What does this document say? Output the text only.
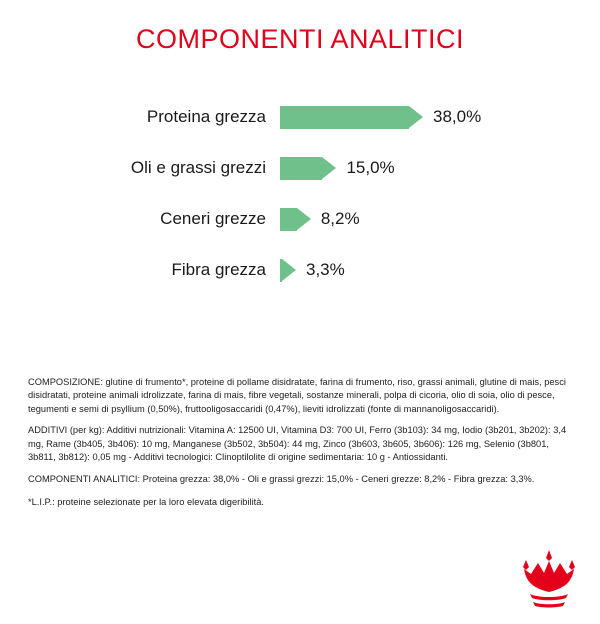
COMPONENTI ANALITICI
Proteina grezza	38,0%
Oli e grassi grezzi	15,0%
Ceneri grezze	8,2%
Fibra grezza	3,3%

COMPOSIZIONE: glutine di frumento*, proteine di pollame disidratate, farina di frumento, riso, grassi animali, glutine di mais, pesci disidratati, proteine animali idrolizzate, farina di mais, fibre vegetali, sostanze minerali, polpa di cicoria, olio di soia, olio di pesce, tegumenti e semi di psyllium (0,50%), fruttooligosaccaridi (0,47%), lieviti idrolizzati (fonte di mannanoligosaccaridi).

ADDITIVI (per kg): Additivi nutrizionali: Vitamina A: 12500 UI, Vitamina D3: 700 UI, Ferro (3b103): 34 mg, Iodio (3b201, 3b202): 3,4 mg, Rame (3b405, 3b406): 10 mg, Manganese (3b502, 3b504): 44 mg, Zinco (3b603, 3b605, 3b606): 126 mg, Selenio (3b801, 3b811, 3b812): 0,05 mg - Additivi tecnologici: Clinoptilolite di origine sedimentaria: 10 g - Antiossidanti.

COMPONENTI ANALITICI: Proteina grezza: 38,0% - Oli e grassi grezzi: 15,0% - Ceneri grezze: 8,2% - Fibra grezza: 3,3%.

*L.I.P.: proteine selezionate per la loro elevata digeribilità.
